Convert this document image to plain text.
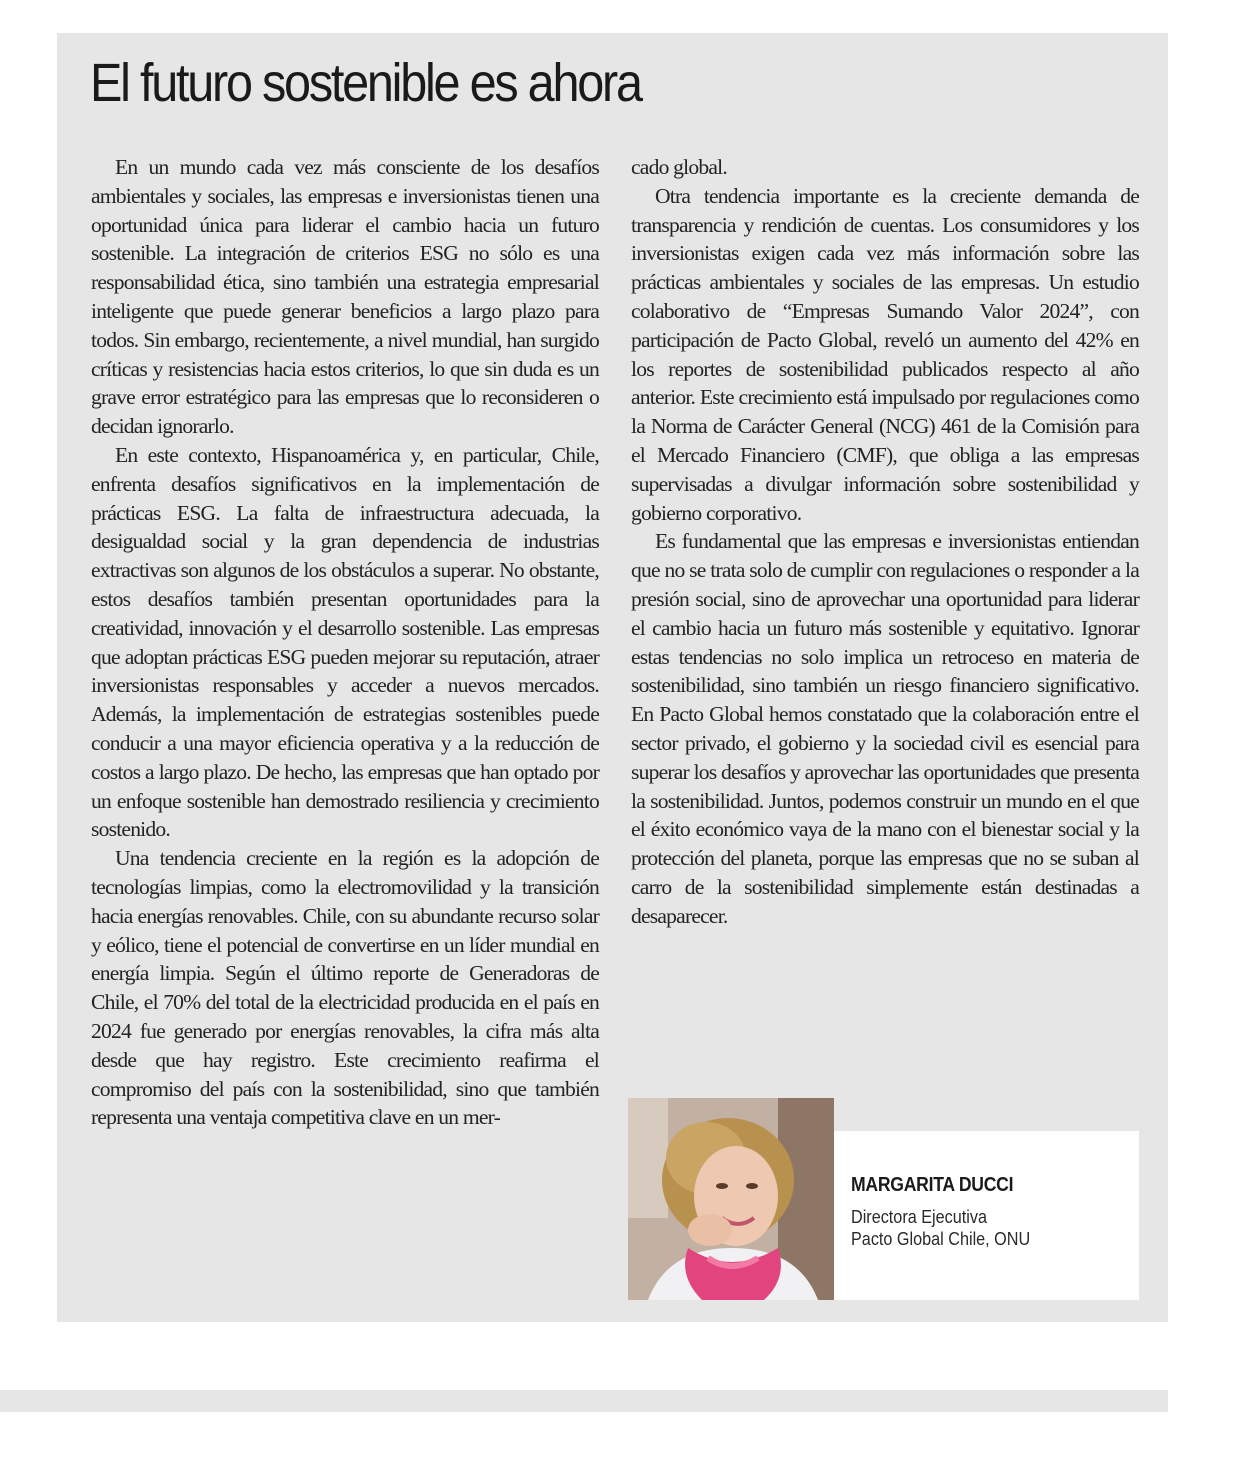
El futuro sostenible es ahora

En un mundo cada vez más consciente de los desafíos ambientales y sociales, las empresas e inversionistas tienen una oportunidad única para liderar el cambio hacia un futuro sostenible. La integración de criterios ESG no sólo es una responsabilidad ética, sino también una estrategia empresarial inteligente que puede generar beneficios a largo plazo para todos. Sin embargo, recientemente, a nivel mundial, han surgido críticas y resistencias hacia estos criterios, lo que sin duda es un grave error estratégico para las empresas que lo reconsideren o decidan ignorarlo.

En este contexto, Hispanoamérica y, en particular, Chile, enfrenta desafíos significativos en la implementación de prácticas ESG. La falta de infraestructura adecuada, la desigualdad social y la gran dependencia de industrias extractivas son algunos de los obstáculos a superar. No obstante, estos desafíos también presentan oportunidades para la creatividad, innovación y el desarrollo sostenible. Las empresas que adoptan prácticas ESG pueden mejorar su reputación, atraer inversionistas responsables y acceder a nuevos mercados. Además, la implementación de estrategias sostenibles puede conducir a una mayor eficiencia operativa y a la reducción de costos a largo plazo. De hecho, las empresas que han optado por un enfoque sostenible han demostrado resiliencia y crecimiento sostenido.

Una tendencia creciente en la región es la adopción de tecnologías limpias, como la electromovilidad y la transición hacia energías renovables. Chile, con su abundante recurso solar y eólico, tiene el potencial de convertirse en un líder mundial en energía limpia. Según el último reporte de Generadoras de Chile, el 70% del total de la electricidad producida en el país en 2024 fue generado por energías renovables, la cifra más alta desde que hay registro. Este crecimiento reafirma el compromiso del país con la sostenibilidad, sino que también representa una ventaja competitiva clave en un mer-

cado global.

Otra tendencia importante es la creciente demanda de transparencia y rendición de cuentas. Los consumidores y los inversionistas exigen cada vez más información sobre las prácticas ambientales y sociales de las empresas. Un estudio colaborativo de “Empresas Sumando Valor 2024”, con participación de Pacto Global, reveló un aumento del 42% en los reportes de sostenibilidad publicados respecto al año anterior. Este crecimiento está impulsado por regulaciones como la Norma de Carácter General (NCG) 461 de la Comisión para el Mercado Financiero (CMF), que obliga a las empresas supervisadas a divulgar información sobre sostenibilidad y gobierno corporativo.

Es fundamental que las empresas e inversionistas entiendan que no se trata solo de cumplir con regulaciones o responder a la presión social, sino de aprovechar una oportunidad para liderar el cambio hacia un futuro más sostenible y equitativo. Ignorar estas tendencias no solo implica un retroceso en materia de sostenibilidad, sino también un riesgo financiero significativo. En Pacto Global hemos constatado que la colaboración entre el sector privado, el gobierno y la sociedad civil es esencial para superar los desafíos y aprovechar las oportunidades que presenta la sostenibilidad. Juntos, podemos construir un mundo en el que el éxito económico vaya de la mano con el bienestar social y la protección del planeta, porque las empresas que no se suban al carro de la sostenibilidad simplemente están destinadas a desaparecer.

MARGARITA DUCCI
Directora Ejecutiva
Pacto Global Chile, ONU
